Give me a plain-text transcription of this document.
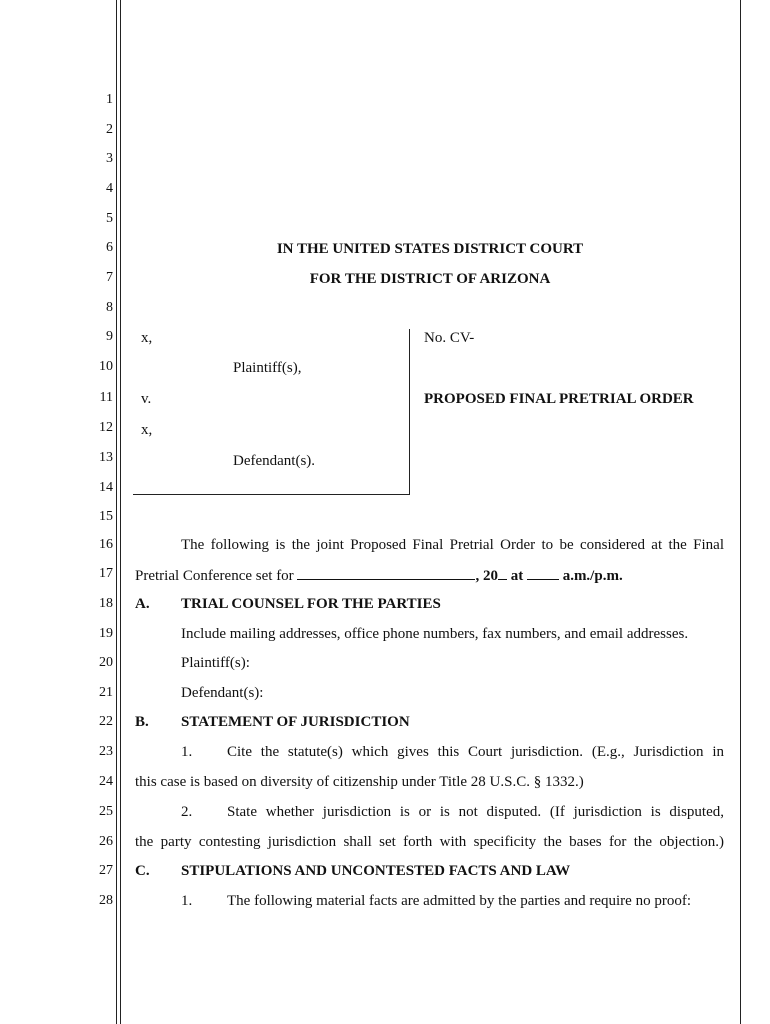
1
2
3
4
5
6
7
8
9
10
11
12
13
14
15
16
17
18
19
20
21
22
23
24
25
26
27
28
IN THE UNITED STATES DISTRICT COURT
FOR THE DISTRICT OF ARIZONA
x,
Plaintiff(s),
v.
x,
Defendant(s).
No. CV-
PROPOSED FINAL PRETRIAL ORDER
The following is the joint Proposed Final Pretrial Order to be considered at the Final
Pretrial Conference set for	, 20 at  a.m./p.m.
A. TRIAL COUNSEL FOR THE PARTIES
Include mailing addresses, office phone numbers, fax numbers, and email addresses.
Plaintiff(s):
Defendant(s):
B. STATEMENT OF JURISDICTION
1. Cite the statute(s) which gives this Court jurisdiction. (E.g., Jurisdiction in
this case is based on diversity of citizenship under Title 28 U.S.C. § 1332.)
2. State whether jurisdiction is or is not disputed. (If jurisdiction is disputed,
the party contesting jurisdiction shall set forth with specificity the bases for the objection.)
C. STIPULATIONS AND UNCONTESTED FACTS AND LAW
1. The following material facts are admitted by the parties and require no proof:
